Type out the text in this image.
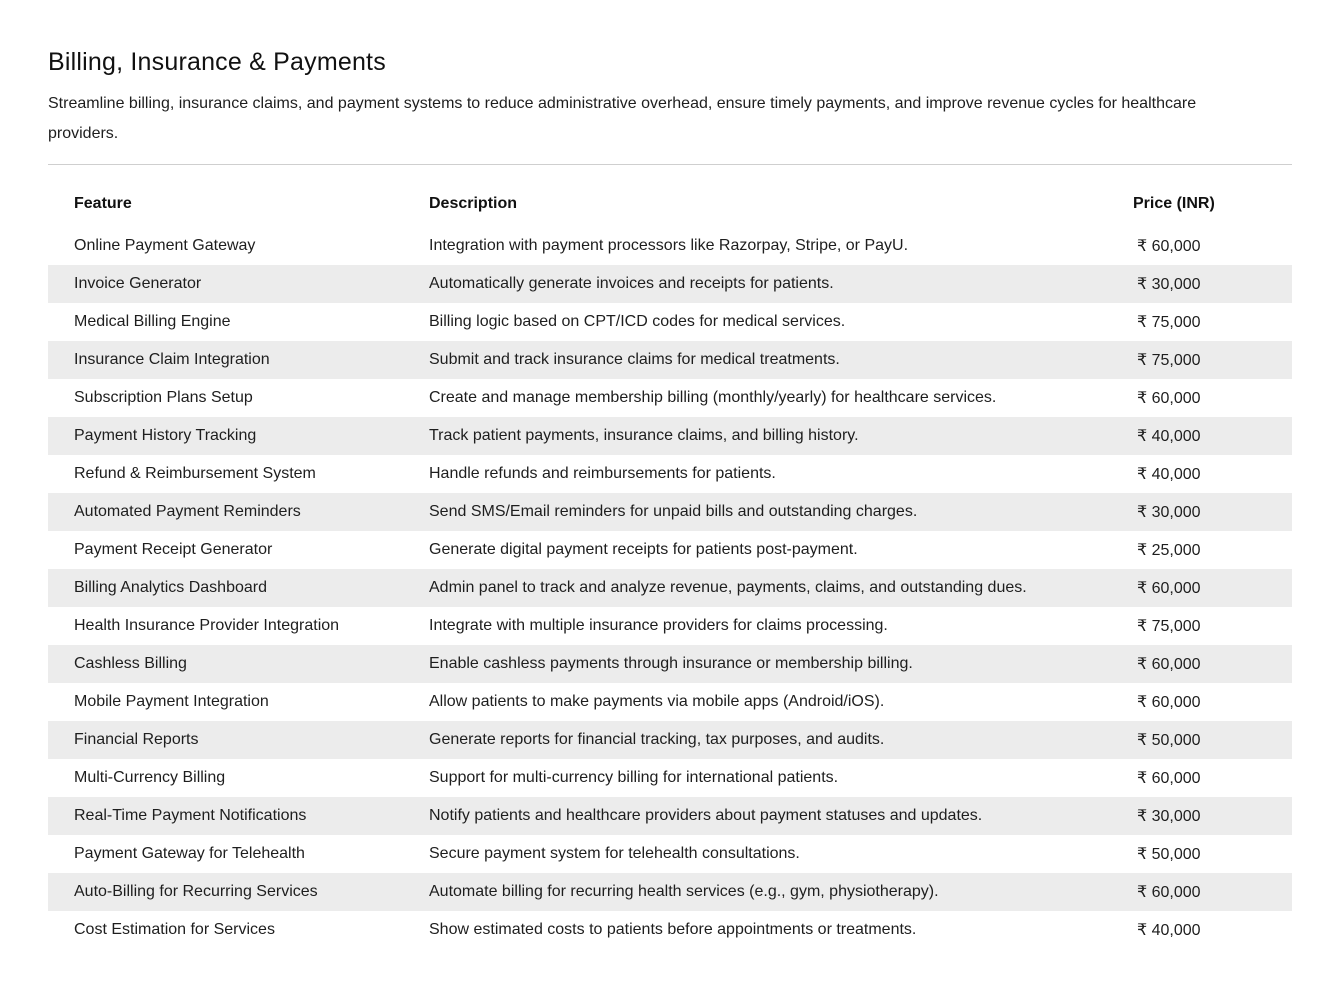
Billing, Insurance & Payments

Streamline billing, insurance claims, and payment systems to reduce administrative overhead, ensure timely payments, and improve revenue cycles for healthcare providers.

Feature	Description	Price (INR)
Online Payment Gateway	Integration with payment processors like Razorpay, Stripe, or PayU.	₹ 60,000
Invoice Generator	Automatically generate invoices and receipts for patients.	₹ 30,000
Medical Billing Engine	Billing logic based on CPT/ICD codes for medical services.	₹ 75,000
Insurance Claim Integration	Submit and track insurance claims for medical treatments.	₹ 75,000
Subscription Plans Setup	Create and manage membership billing (monthly/yearly) for healthcare services.	₹ 60,000
Payment History Tracking	Track patient payments, insurance claims, and billing history.	₹ 40,000
Refund & Reimbursement System	Handle refunds and reimbursements for patients.	₹ 40,000
Automated Payment Reminders	Send SMS/Email reminders for unpaid bills and outstanding charges.	₹ 30,000
Payment Receipt Generator	Generate digital payment receipts for patients post-payment.	₹ 25,000
Billing Analytics Dashboard	Admin panel to track and analyze revenue, payments, claims, and outstanding dues.	₹ 60,000
Health Insurance Provider Integration	Integrate with multiple insurance providers for claims processing.	₹ 75,000
Cashless Billing	Enable cashless payments through insurance or membership billing.	₹ 60,000
Mobile Payment Integration	Allow patients to make payments via mobile apps (Android/iOS).	₹ 60,000
Financial Reports	Generate reports for financial tracking, tax purposes, and audits.	₹ 50,000
Multi-Currency Billing	Support for multi-currency billing for international patients.	₹ 60,000
Real-Time Payment Notifications	Notify patients and healthcare providers about payment statuses and updates.	₹ 30,000
Payment Gateway for Telehealth	Secure payment system for telehealth consultations.	₹ 50,000
Auto-Billing for Recurring Services	Automate billing for recurring health services (e.g., gym, physiotherapy).	₹ 60,000
Cost Estimation for Services	Show estimated costs to patients before appointments or treatments.	₹ 40,000
